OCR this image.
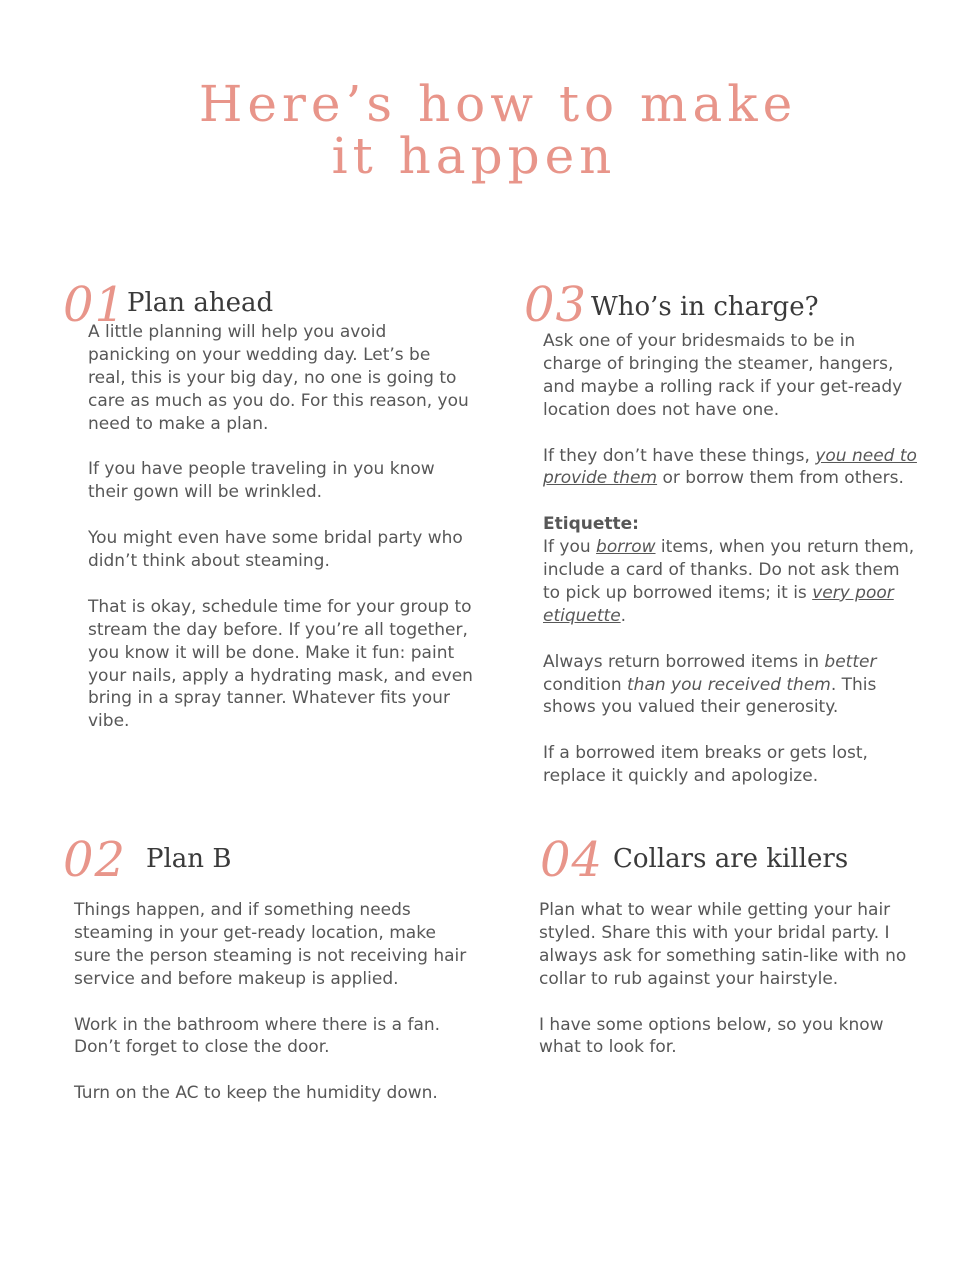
Here’s how to make
it happen
01 Plan ahead

A little planning will help you avoid panicking on your wedding day. Let’s be real, this is your big day, no one is going to care as much as you do. For this reason, you need to make a plan.

If you have people traveling in you know their gown will be wrinkled.

You might even have some bridal party who didn’t think about steaming.

That is okay, schedule time for your group to stream the day before. If you’re all together, you know it will be done. Make it fun: paint your nails, apply a hydrating mask, and even bring in a spray tanner. Whatever fits your vibe.

03 Who’s in charge?

Ask one of your bridesmaids to be in charge of bringing the steamer, hangers, and maybe a rolling rack if your get-ready location does not have one.

If they don’t have these things, you need to provide them or borrow them from others.

Etiquette:
If you borrow items, when you return them, include a card of thanks. Do not ask them to pick up borrowed items; it is very poor etiquette.

Always return borrowed items in better condition than you received them. This shows you valued their generosity.

If a borrowed item breaks or gets lost, replace it quickly and apologize.

02 Plan B

Things happen, and if something needs steaming in your get-ready location, make sure the person steaming is not receiving hair service and before makeup is applied.

Work in the bathroom where there is a fan. Don’t forget to close the door.

Turn on the AC to keep the humidity down.

04 Collars are killers

Plan what to wear while getting your hair styled. Share this with your bridal party. I always ask for something satin-like with no collar to rub against your hairstyle.

I have some options below, so you know what to look for.
